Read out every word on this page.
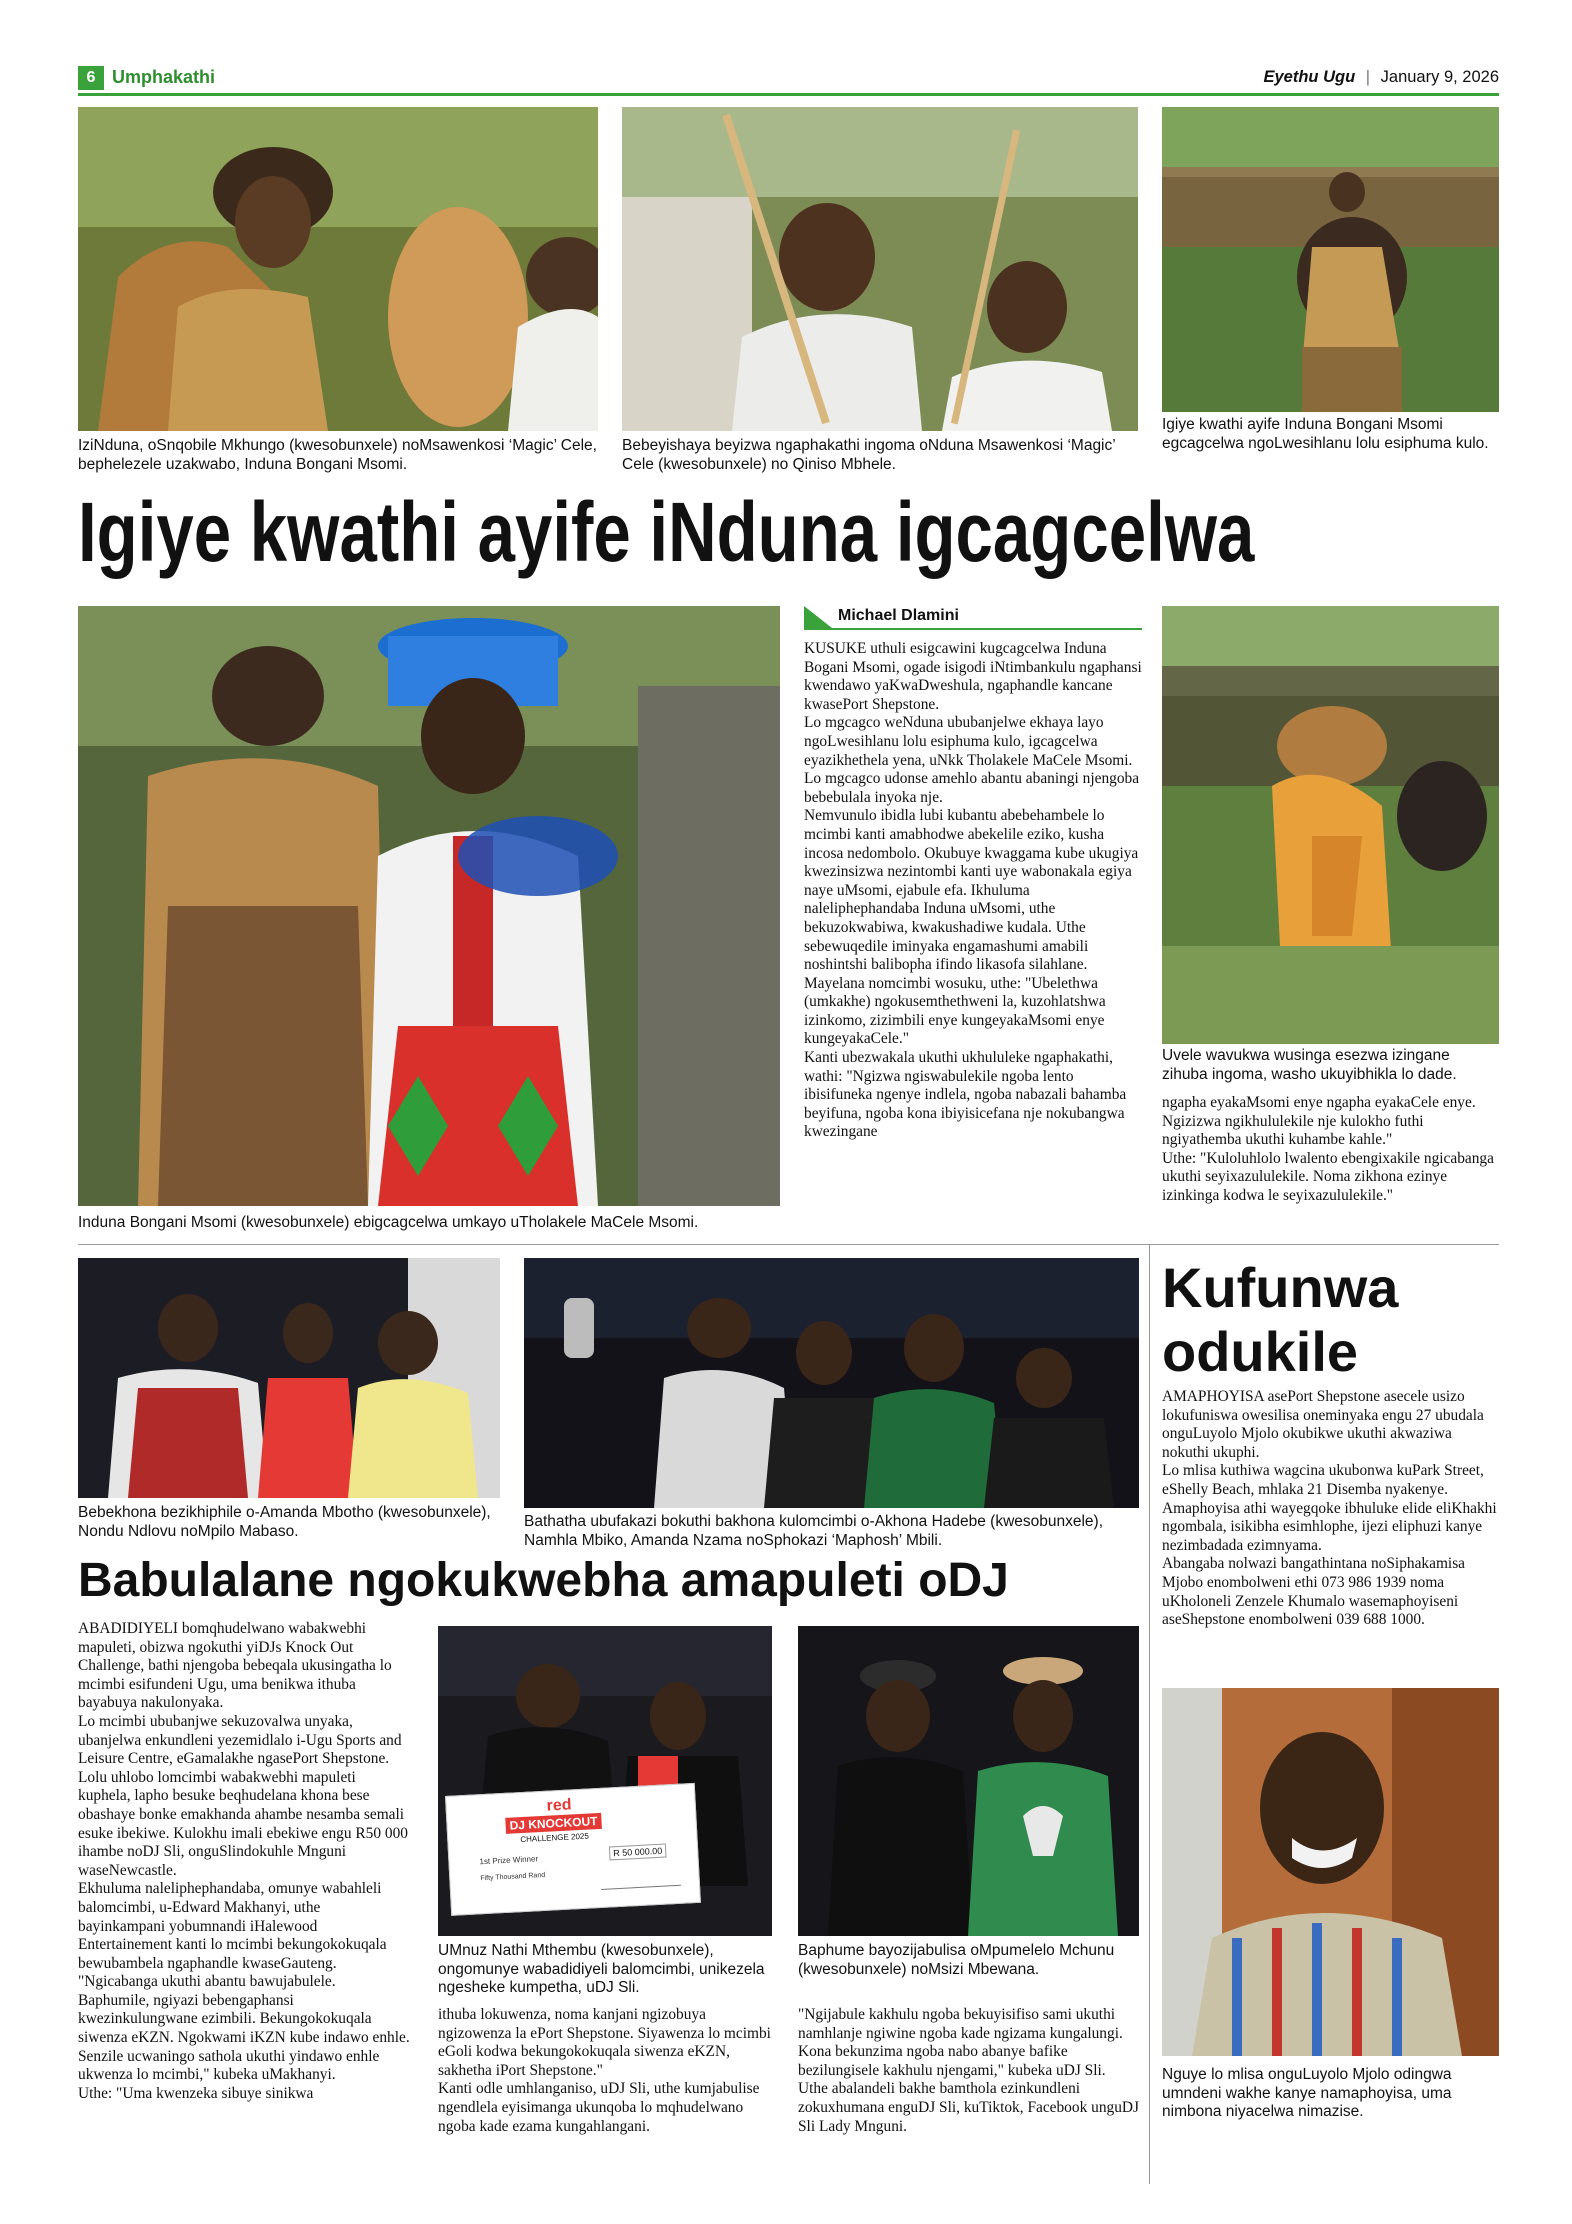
6 Umphakathi	Eyethu Ugu | January 9, 2026
IziNduna, oSnqobile Mkhungo (kwesobunxele) noMsawenkosi ‘Magic’ Cele, bephelezele uzakwabo, Induna Bongani Msomi.
Bebeyishaya beyizwa ngaphakathi ingoma oNduna Msawenkosi ‘Magic’ Cele (kwesobunxele) no Qiniso Mbhele.
Igiye kwathi ayife Induna Bongani Msomi egcagcelwa ngoLwesihlanu lolu esiphuma kulo.
Igiye kwathi ayife iNduna igcagcelwa
Induna Bongani Msomi (kwesobunxele) ebigcagcelwa umkayo uTholakele MaCele Msomi.
Michael Dlamini

KUSUKE uthuli esigcawini kugcagcelwa Induna Bogani Msomi, ogade isigodi iNtimbankulu ngaphansi kwendawo yaKwaDweshula, ngaphandle kancane kwasePort Shepstone.

Lo mgcagco weNduna ububanjelwe ekhaya layo ngoLwesihlanu lolu esiphuma kulo, igcagcelwa eyazikhethela yena, uNkk Tholakele MaCele Msomi. Lo mgcagco udonse amehlo abantu abaningi njengoba bebebulala inyoka nje.

Nemvunulo ibidla lubi kubantu abebehambele lo mcimbi kanti amabhodwe abekelile eziko, kusha incosa nedombolo. Okubuye kwaggama kube ukugiya kwezinsizwa nezintombi kanti uye wabonakala egiya naye uMsomi, ejabule efa. Ikhuluma naleliphephandaba Induna uMsomi, uthe bekuzokwabiwa, kwakushadiwe kudala. Uthe sebewuqedile iminyaka engamashumi amabili noshintshi balibopha ifindo likasofa silahlane.

Mayelana nomcimbi wosuku, uthe: "Ubelethwa (umkakhe) ngokusemthethweni la, kuzohlatshwa izinkomo, zizimbili enye kungeyakaMsomi enye kungeyakaCele."

Kanti ubezwakala ukuthi ukhululeke ngaphakathi, wathi: "Ngizwa ngiswabulekile ngoba lento ibisifuneka ngenye indlela, ngoba nabazali bahamba beyifuna, ngoba kona ibiyisicefana nje nokubangwa kwezingane

Uvele wavukwa wusinga esezwa izingane zihuba ingoma, washo ukuyibhikla lo dade.

ngapha eyakaMsomi enye ngapha eyakaCele enye. Ngizizwa ngikhululekile nje kulokho futhi ngiyathemba ukuthi kuhambe kahle."

Uthe: "Kuloluhlolo lwalento ebengixakile ngicabanga ukuthi seyixazululekile. Noma zikhona ezinye izinkinga kodwa le seyixazululekile."

Bebekhona bezikhiphile o-Amanda Mbotho (kwesobunxele), Nondu Ndlovu noMpilo Mabaso.
Bathatha ubufakazi bokuthi bakhona kulomcimbi o-Akhona Hadebe (kwesobunxele), Namhla Mbiko, Amanda Nzama noSphokazi ‘Maphosh’ Mbili.
Babulalane ngokukwebha amapuleti oDJ

ABADIDIYELI bomqhudelwano wabakwebhi mapuleti, obizwa ngokuthi yiDJs Knock Out Challenge, bathi njengoba bebeqala ukusingatha lo mcimbi esifundeni Ugu, uma benikwa ithuba bayabuya nakulonyaka.

Lo mcimbi ububanjwe sekuzovalwa unyaka, ubanjelwa enkundleni yezemidlalo i-Ugu Sports and Leisure Centre, eGamalakhe ngasePort Shepstone.

Lolu uhlobo lomcimbi wabakwebhi mapuleti kuphela, lapho besuke beqhudelana khona bese obashaye bonke emakhanda ahambe nesamba semali esuke ibekiwe. Kulokhu imali ebekiwe engu R50 000 ihambe noDJ Sli, onguSlindokuhle Mnguni waseNewcastle.

Ekhuluma naleliphephandaba, omunye wabahleli balomcimbi, u-Edward Makhanyi, uthe bayinkampani yobumnandi iHalewood Entertainement kanti lo mcimbi bekungokokuqala bewubambela ngaphandle kwaseGauteng. "Ngicabanga ukuthi abantu bawujabulele. Baphumile, ngiyazi bebengaphansi kwezinkulungwane ezimbili. Bekungokokuqala siwenza eKZN. Ngokwami iKZN kube indawo enhle. Senzile ucwaningo sathola ukuthi yindawo enhle ukwenza lo mcimbi," kubeka uMakhanyi.

Uthe: "Uma kwenzeka sibuye sinikwa

red
DJ KNOCKOUT
CHALLENGE 2025
1st Prize Winner
R 50 000.00
Fifty Thousand Rand
UMnuz Nathi Mthembu (kwesobunxele), ongomunye wabadidiyeli balomcimbi, unikezela ngesheke kumpetha, uDJ Sli.
Baphume bayozijabulisa oMpumelelo Mchunu (kwesobunxele) noMsizi Mbewana.

ithuba lokuwenza, noma kanjani ngizobuya ngizowenza la ePort Shepstone. Siyawenza lo mcimbi eGoli kodwa bekungokokuqala siwenza eKZN, sakhetha iPort Shepstone."

Kanti odle umhlanganiso, uDJ Sli, uthe kumjabulise ngendlela eyisimanga ukunqoba lo mqhudelwano ngoba kade ezama kungahlangani.

"Ngijabule kakhulu ngoba bekuyisifiso sami ukuthi namhlanje ngiwine ngoba kade ngizama kungalungi. Kona bekunzima ngoba nabo abanye bafike bezilungisele kakhulu njengami," kubeka uDJ Sli. Uthe abalandeli bakhe bamthola ezinkundleni zokuxhumana enguDJ Sli, kuTiktok, Facebook unguDJ Sli Lady Mnguni.

Kufunwa
odukile

AMAPHOYISA asePort Shepstone asecele usizo lokufuniswa owesilisa oneminyaka engu 27 ubudala onguLuyolo Mjolo okubikwe ukuthi akwaziwa nokuthi ukuphi.

Lo mlisa kuthiwa wagcina ukubonwa kuPark Street, eShelly Beach, mhlaka 21 Disemba nyakenye. Amaphoyisa athi wayegqoke ibhuluke elide eliKhakhi ngombala, isikibha esimhlophe, ijezi eliphuzi kanye nezimbadada ezimnyama.

Abangaba nolwazi bangathintana noSiphakamisa Mjobo enombolweni ethi 073 986 1939 noma uKholoneli Zenzele Khumalo wasemaphoyiseni aseShepstone enombolweni 039 688 1000.

Nguye lo mlisa onguLuyolo Mjolo odingwa umndeni wakhe kanye namaphoyisa, uma nimbona niyacelwa nimazise.
